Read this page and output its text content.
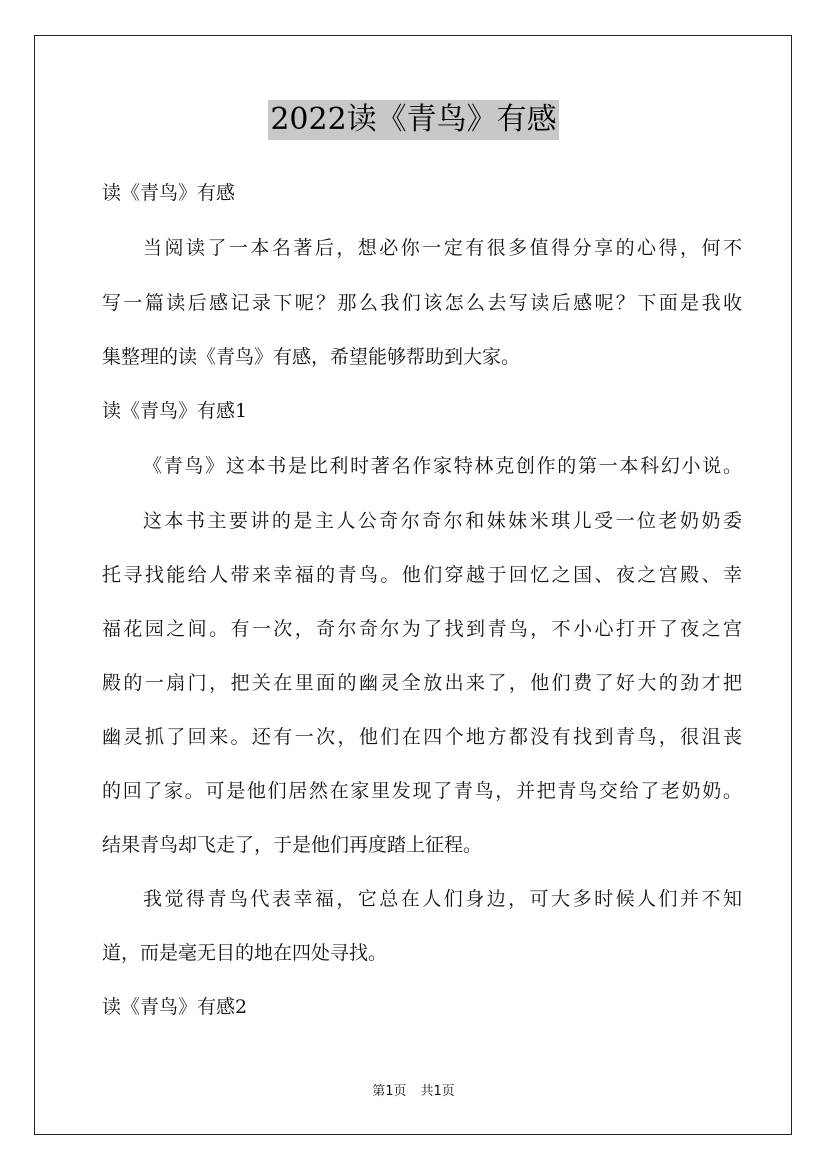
2022读《青鸟》有感
读《青鸟》有感
当阅读了一本名著后，想必你一定有很多值得分享的心得，何不
写一篇读后感记录下呢？那么我们该怎么去写读后感呢？下面是我收
集整理的读《青鸟》有感，希望能够帮助到大家。
读《青鸟》有感1
《青鸟》这本书是比利时著名作家特林克创作的第一本科幻小说。
这本书主要讲的是主人公奇尔奇尔和妹妹米琪儿受一位老奶奶委
托寻找能给人带来幸福的青鸟。他们穿越于回忆之国、夜之宫殿、幸
福花园之间。有一次，奇尔奇尔为了找到青鸟，不小心打开了夜之宫
殿的一扇门，把关在里面的幽灵全放出来了，他们费了好大的劲才把
幽灵抓了回来。还有一次，他们在四个地方都没有找到青鸟，很沮丧
的回了家。可是他们居然在家里发现了青鸟，并把青鸟交给了老奶奶。
结果青鸟却飞走了，于是他们再度踏上征程。
我觉得青鸟代表幸福，它总在人们身边，可大多时候人们并不知
道，而是毫无目的地在四处寻找。
读《青鸟》有感2
第1页 共1页
